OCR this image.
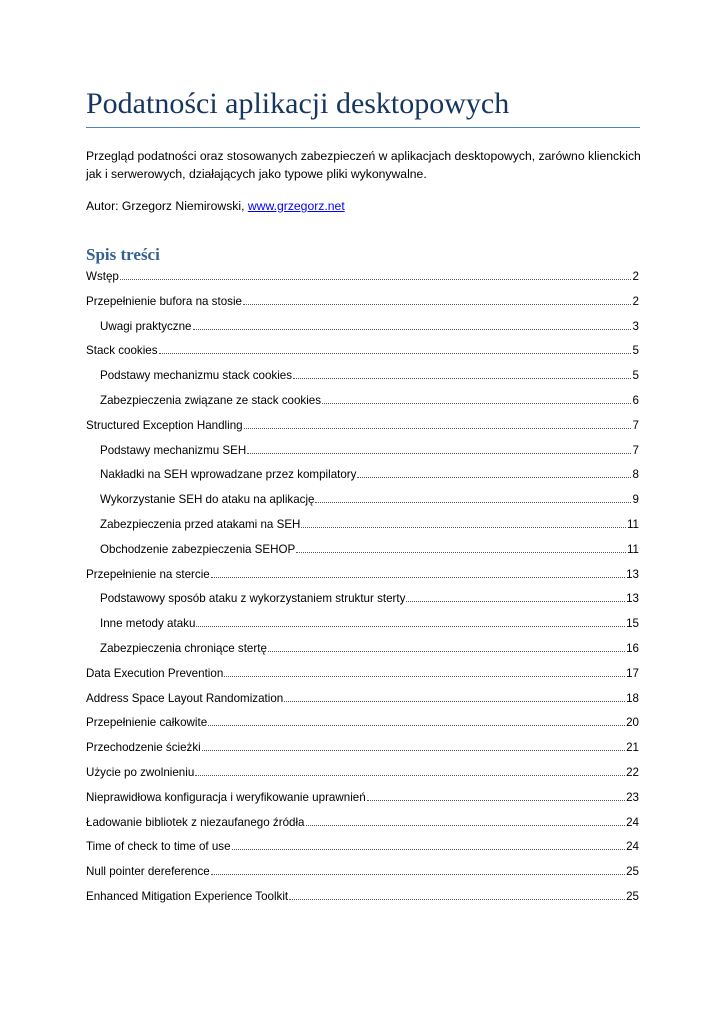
Podatności aplikacji desktopowych

Przegląd podatności oraz stosowanych zabezpieczeń w aplikacjach desktopowych, zarówno klienckich jak i serwerowych, działających jako typowe pliki wykonywalne.

Autor: Grzegorz Niemirowski, www.grzegorz.net

Spis treści
Wstęp	2
Przepełnienie bufora na stosie	2
Uwagi praktyczne	3
Stack cookies	5
Podstawy mechanizmu stack cookies	5
Zabezpieczenia związane ze stack cookies	6
Structured Exception Handling	7
Podstawy mechanizmu SEH	7
Nakładki na SEH wprowadzane przez kompilatory	8
Wykorzystanie SEH do ataku na aplikację	9
Zabezpieczenia przed atakami na SEH	11
Obchodzenie zabezpieczenia SEHOP	11
Przepełnienie na stercie	13
Podstawowy sposób ataku z wykorzystaniem struktur sterty	13
Inne metody ataku	15
Zabezpieczenia chroniące stertę	16
Data Execution Prevention	17
Address Space Layout Randomization	18
Przepełnienie całkowite	20
Przechodzenie ścieżki	21
Użycie po zwolnieniu	22
Nieprawidłowa konfiguracja i weryfikowanie uprawnień	23
Ładowanie bibliotek z niezaufanego źródła	24
Time of check to time of use	24
Null pointer dereference	25
Enhanced Mitigation Experience Toolkit	25
